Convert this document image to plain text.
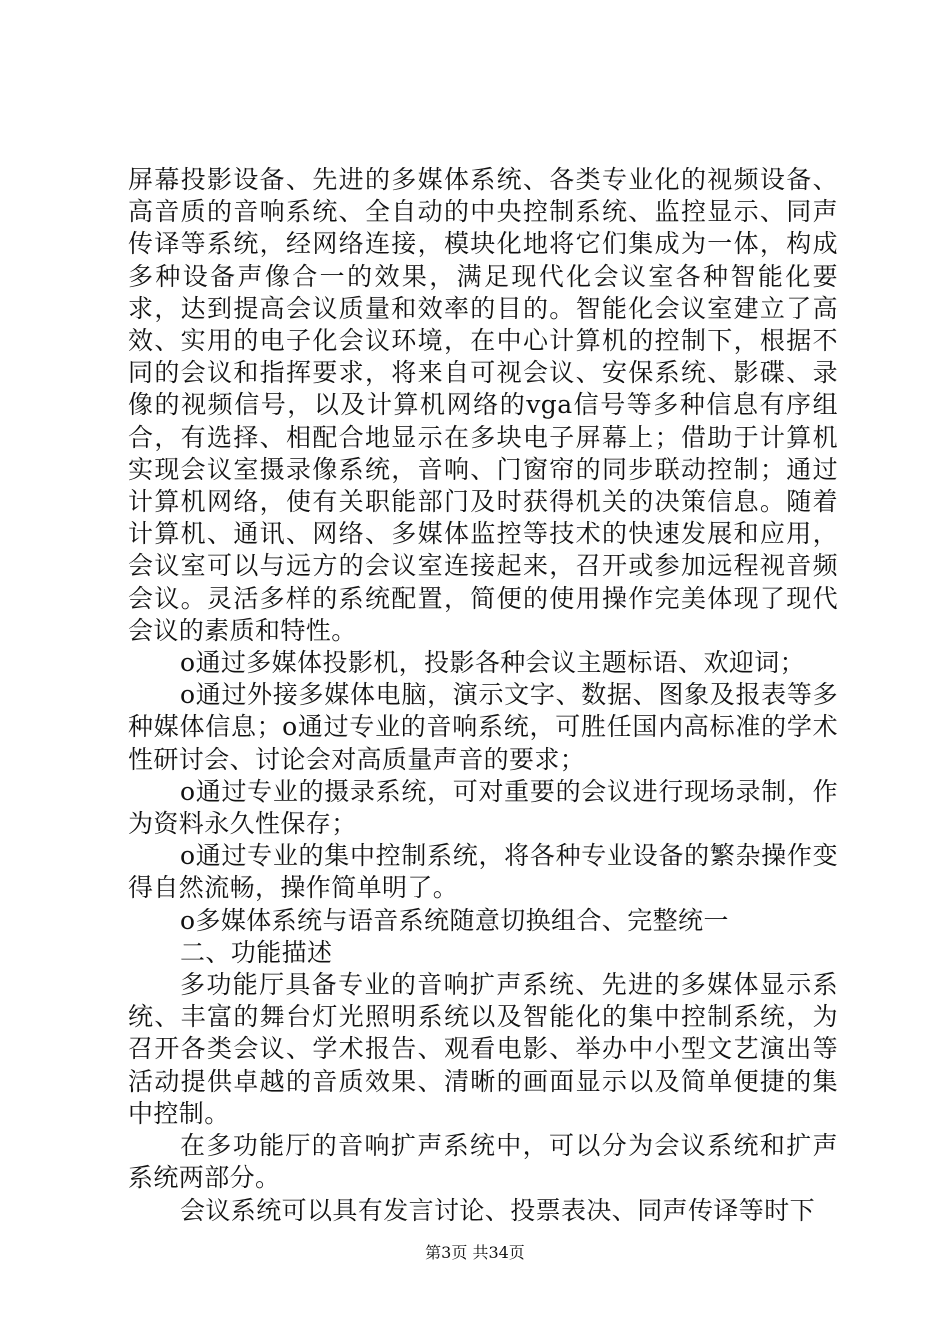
屏幕投影设备、先进的多媒体系统、各类专业化的视频设备、高音质的音响系统、全自动的中央控制系统、监控显示、同声传译等系统，经网络连接，模块化地将它们集成为一体，构成多种设备声像合一的效果，满足现代化会议室各种智能化要求，达到提高会议质量和效率的目的。智能化会议室建立了高效、实用的电子化会议环境，在中心计算机的控制下，根据不同的会议和指挥要求，将来自可视会议、安保系统、影碟、录像的视频信号，以及计算机网络的vga信号等多种信息有序组合，有选择、相配合地显示在多块电子屏幕上；借助于计算机实现会议室摄录像系统，音响、门窗帘的同步联动控制；通过计算机网络，使有关职能部门及时获得机关的决策信息。随着计算机、通讯、网络、多媒体监控等技术的快速发展和应用，会议室可以与远方的会议室连接起来，召开或参加远程视音频会议。灵活多样的系统配置，简便的使用操作完美体现了现代会议的素质和特性。

o通过多媒体投影机，投影各种会议主题标语、欢迎词；

o通过外接多媒体电脑，演示文字、数据、图象及报表等多种媒体信息；o通过专业的音响系统，可胜任国内高标准的学术性研讨会、讨论会对高质量声音的要求；

o通过专业的摄录系统，可对重要的会议进行现场录制，作为资料永久性保存；

o通过专业的集中控制系统，将各种专业设备的繁杂操作变得自然流畅，操作简单明了。

o多媒体系统与语音系统随意切换组合、完整统一

二、功能描述

多功能厅具备专业的音响扩声系统、先进的多媒体显示系统、丰富的舞台灯光照明系统以及智能化的集中控制系统，为召开各类会议、学术报告、观看电影、举办中小型文艺演出等活动提供卓越的音质效果、清晰的画面显示以及简单便捷的集中控制。

在多功能厅的音响扩声系统中，可以分为会议系统和扩声系统两部分。

会议系统可以具有发言讨论、投票表决、同声传译等时下

第3页 共34页
